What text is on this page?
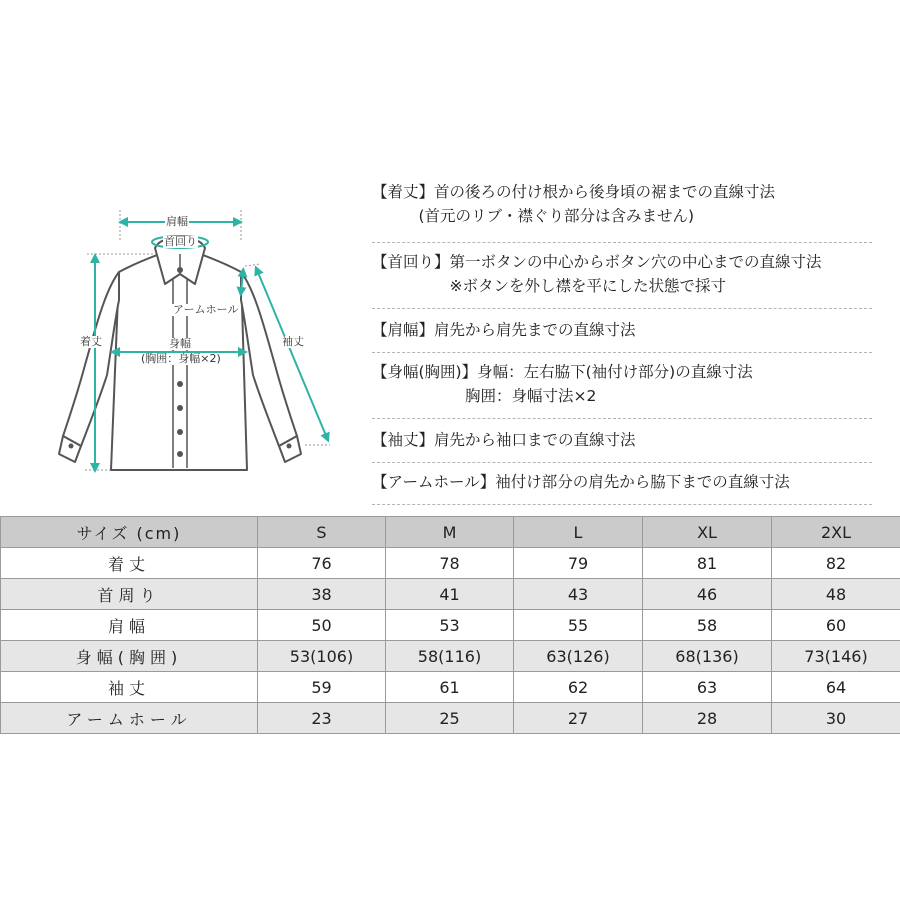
肩幅
首回り
アームホール
着丈	袖丈
身幅
(胸囲：身幅×2)
【着丈】首の後ろの付け根から後身頃の裾までの直線寸法
　　　(首元のリブ・襟ぐり部分は含みません)
【首回り】第一ボタンの中心からボタン穴の中心までの直線寸法
　　　　　※ボタンを外し襟を平にした状態で採寸
【肩幅】肩先から肩先までの直線寸法
【身幅(胸囲)】身幅：左右脇下(袖付け部分)の直線寸法
　　　　　　胸囲：身幅寸法×2
【袖丈】肩先から袖口までの直線寸法
【アームホール】袖付け部分の肩先から脇下までの直線寸法
サイズ (cm)	S	M	L	XL	2XL
着丈	76	78	79	81	82
首周り	38	41	43	46	48
肩幅	50	53	55	58	60
身幅(胸囲)	53(106)	58(116)	63(126)	68(136)	73(146)
袖丈	59	61	62	63	64
アームホール	23	25	27	28	30
